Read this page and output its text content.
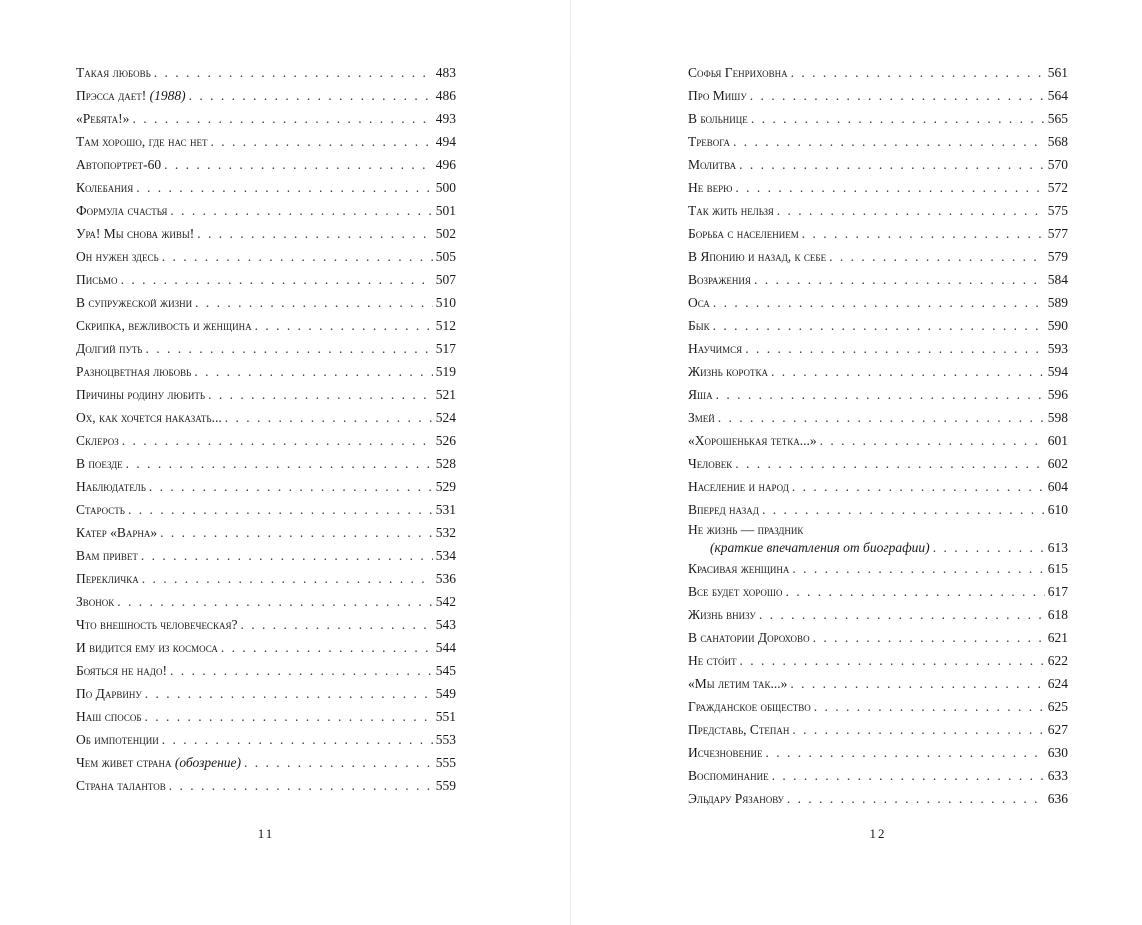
Такая любовь . . .	483
Прэсса дает! (1988) . . .	486
«Ребята!» . . .	493
Там хорошо, где нас нет . . .	494
Автопортрет-60 . . .	496
Колебания . . .	500
Формула счастья . . .	501
Ура! Мы снова живы! . . .	502
Он нужен здесь . . .	505
Письмо . . .	507
В супружеской жизни . . .	510
Скрипка, вежливость и женщина . . .	512
Долгий путь . . .	517
Разноцветная любовь . . .	519
Причины родину любить . . .	521
Ох, как хочется наказать... . . .	524
Склероз . . .	526
В поезде . . .	528
Наблюдатель . . .	529
Старость . . .	531
Катер «Варна» . . .	532
Вам привет . . .	534
Перекличка . . .	536
Звонок . . .	542
Что внешность человеческая? . . .	543
И видится ему из космоса . . .	544
Бояться не надо! . . .	545
По Дарвину . . .	549
Наш способ . . .	551
Об импотенции . . .	553
Чем живет страна (обозрение) . . .	555
Страна талантов . . .	559
11
Софья Генриховна . . .	561
Про Мишу . . .	564
В больнице . . .	565
Тревога . . .	568
Молитва . . .	570
Не верю . . .	572
Так жить нельзя . . .	575
Борьба с населением . . .	577
В Японию и назад, к себе . . .	579
Возражения . . .	584
Оса . . .	589
Бык . . .	590
Научимся . . .	593
Жизнь коротка . . .	594
Яша . . .	596
Змей . . .	598
«Хорошенькая тетка...» . . .	601
Человек . . .	602
Население и народ . . .	604
Вперед назад . . .	610
Не жизнь — праздник
(краткие впечатления от биографии) . . .	613
Красивая женщина . . .	615
Все будет хорошо . . .	617
Жизнь внизу . . .	618
В санатории Дорохово . . .	621
Не сто́ит . . .	622
«Мы летим так...» . . .	624
Гражданское общество . . .	625
Представь, Степан . . .	627
Исчезновение . . .	630
Воспоминание . . .	633
Эльдару Рязанову . . .	636
12
